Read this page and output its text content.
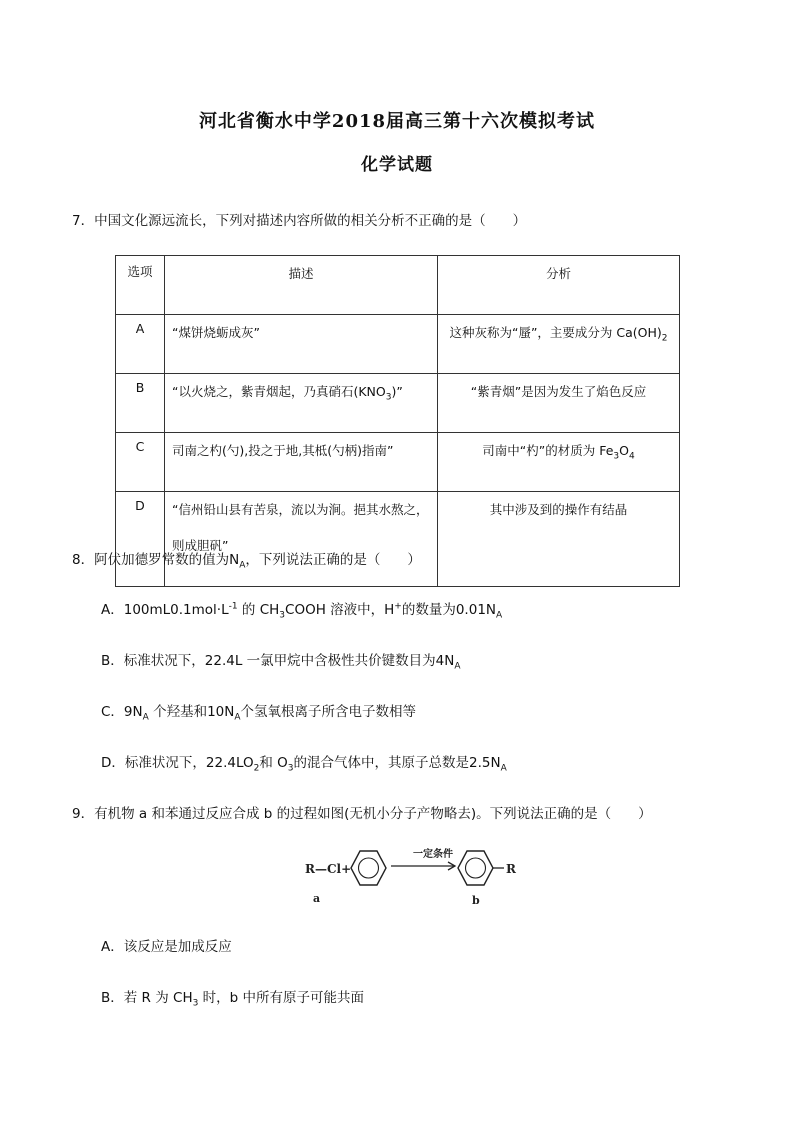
河北省衡水中学2018届高三第十六次模拟考试
化学试题
7．中国文化源远流长，下列对描述内容所做的相关分析不正确的是（　　）
选项	描述	分析
A	“煤饼烧蛎成灰”	这种灰称为“蜃”，主要成分为 $Ca(OH)_2$
B	“以火烧之，紫青烟起，乃真硝石$(KNO_3)$”	“紫青烟”是因为发生了焰色反应
C	司南之杓(勺),投之于地,其柢(勺柄)指南”	司南中“杓”的材质为 $Fe_3O_4$
D	“信州铅山县有苦泉，流以为涧。挹其水熬之，则成胆矾”	其中涉及到的操作有结晶
8．阿伏加德罗常数的值为$N_A$，下列说法正确的是（　　）
A．$100mL0.1mol\cdot L^{-1}$ 的 $CH_3COOH$ 溶液中，H+的数量为$0.01N_A$
B．标准状况下，22.4L 一氯甲烷中含极性共价键数目为$4N_A$
C．$9N_A$ 个羟基和$10N_A$个氢氧根离子所含电子数相等
D．标准状况下，$22.4LO_2$和 $O_3$的混合气体中，其原子总数是$2.5N_A$
9．有机物 a 和苯通过反应合成 b 的过程如图(无机小分子产物略去)。下列说法正确的是（　　）
R—Cl+
一定条件
R
a	b
A．该反应是加成反应
B．若 R 为 $CH_3$ 时，b 中所有原子可能共面
